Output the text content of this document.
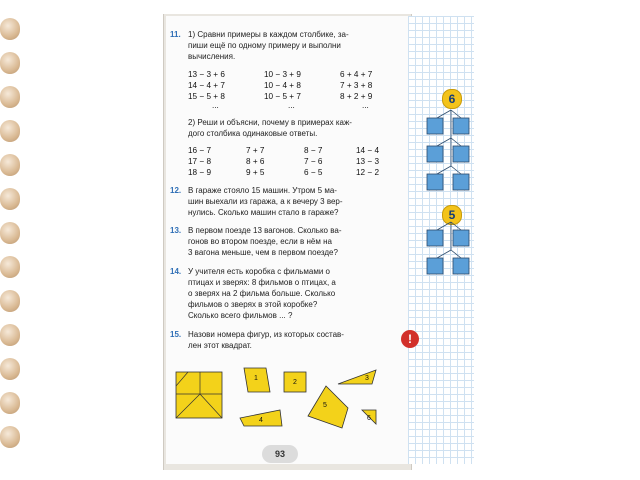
11. 1) Сравни примеры в каждом столбике, за-
пиши ещё по одному примеру и выполни
вычисления.
13 − 3 + 6
14 − 4 + 7
15 − 5 + 8
...
10 − 3 + 9
10 − 4 + 8
10 − 5 + 7
...
6 + 4 + 7
7 + 3 + 8
8 + 2 + 9
...
2) Реши и объясни, почему в примерах каж-
дого столбика одинаковые ответы.
16 − 7
17 − 8
18 − 9
7 + 7
8 + 6
9 + 5
8 − 7
7 − 6
6 − 5
14 − 4
13 − 3
12 − 2
12. В гараже стояло 15 машин. Утром 5 ма-
шин выехали из гаража, а к вечеру 3 вер-
нулись. Сколько машин стало в гараже?
13. В первом поезде 13 вагонов. Сколько ва-
гонов во втором поезде, если в нём на
3 вагона меньше, чем в первом поезде?
14. У учителя есть коробка с фильмами о
птицах и зверях: 8 фильмов о птицах, а
о зверях на 2 фильма больше. Сколько
фильмов о зверях в этой коробке?
Сколько всего фильмов ... ?
15. Назови номера фигур, из которых состав-
лен этот квадрат.
1
2
3
4
5
6
6
5
!
93
